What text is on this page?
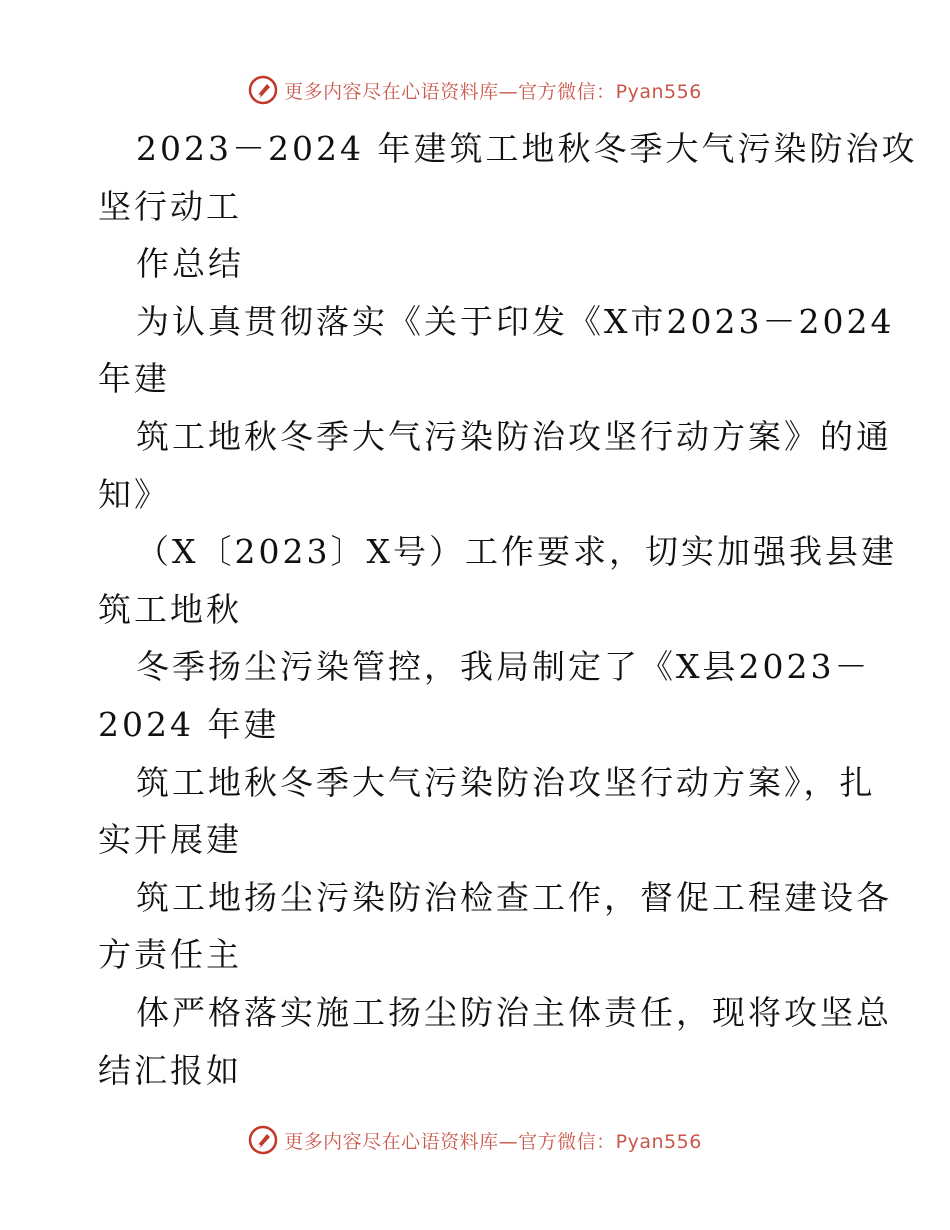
更多内容尽在心语资料库—官方微信：Pyan556
2023－2024 年建筑工地秋冬季大气污染防治攻
坚行动工
作总结
为认真贯彻落实《关于印发《X市2023－2024
年建
筑工地秋冬季大气污染防治攻坚行动方案》的通
知》
（X〔2023〕X号）工作要求，切实加强我县建
筑工地秋
冬季扬尘污染管控，我局制定了《X县2023－
2024 年建
筑工地秋冬季大气污染防治攻坚行动方案》，扎
实开展建
筑工地扬尘污染防治检查工作，督促工程建设各
方责任主
体严格落实施工扬尘防治主体责任，现将攻坚总
结汇报如
更多内容尽在心语资料库—官方微信：Pyan556
